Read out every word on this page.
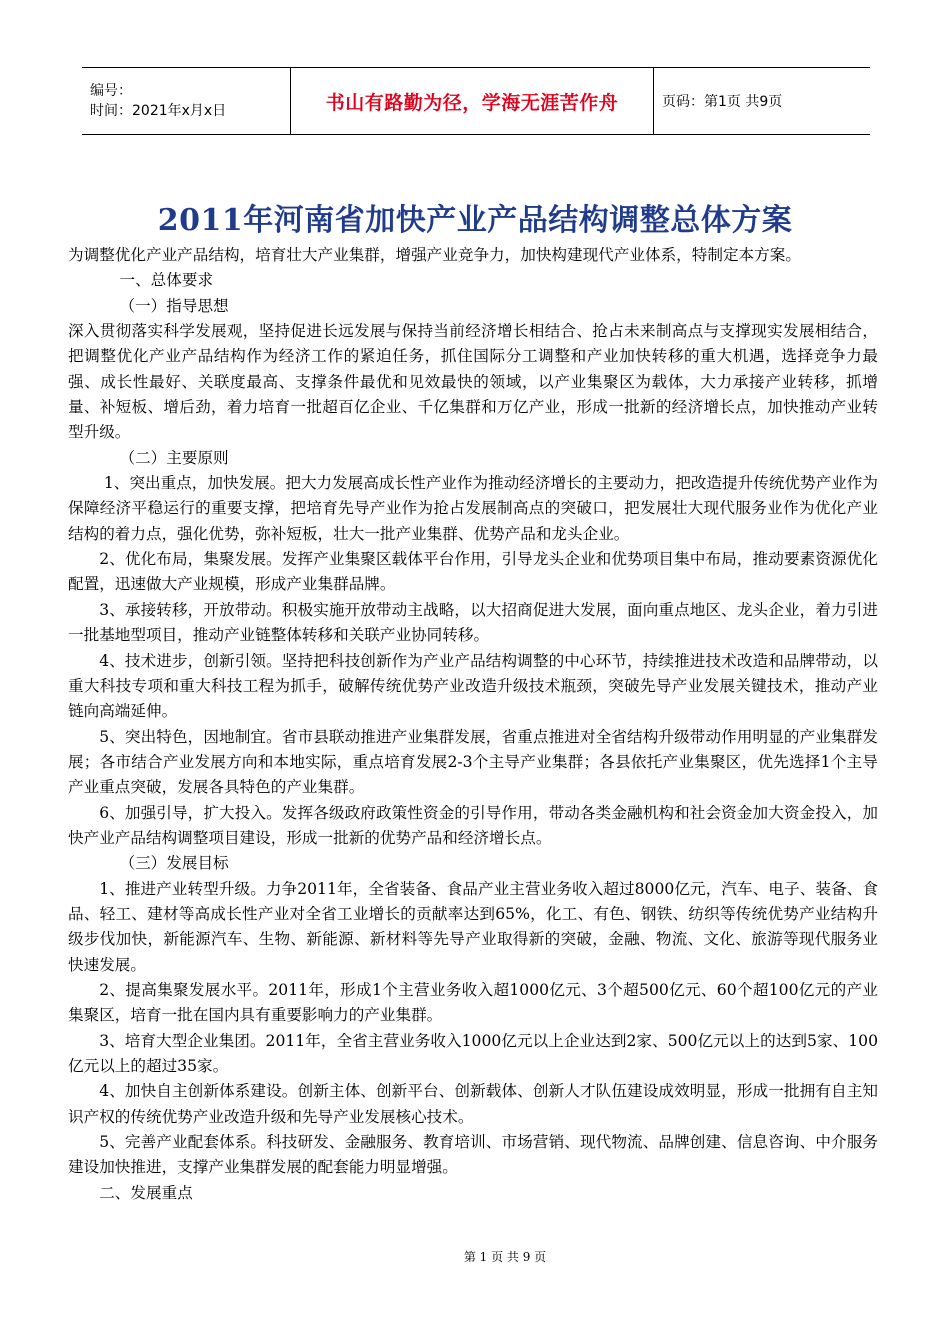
编号：
时间：2021年x月x日	书山有路勤为径，学海无涯苦作舟	页码：第1页 共9页
2011年河南省加快产业产品结构调整总体方案

为调整优化产业产品结构，培育壮大产业集群，增强产业竞争力，加快构建现代产业体系，特制定本方案。

一、总体要求

（一）指导思想

深入贯彻落实科学发展观，坚持促进长远发展与保持当前经济增长相结合、抢占未来制高点与支撑现实发展相结合，把调整优化产业产品结构作为经济工作的紧迫任务，抓住国际分工调整和产业加快转移的重大机遇，选择竞争力最强、成长性最好、关联度最高、支撑条件最优和见效最快的领域，以产业集聚区为载体，大力承接产业转移，抓增量、补短板、增后劲，着力培育一批超百亿企业、千亿集群和万亿产业，形成一批新的经济增长点，加快推动产业转型升级。

（二）主要原则

1、突出重点，加快发展。把大力发展高成长性产业作为推动经济增长的主要动力，把改造提升传统优势产业作为保障经济平稳运行的重要支撑，把培育先导产业作为抢占发展制高点的突破口，把发展壮大现代服务业作为优化产业结构的着力点，强化优势，弥补短板，壮大一批产业集群、优势产品和龙头企业。

2、优化布局，集聚发展。发挥产业集聚区载体平台作用，引导龙头企业和优势项目集中布局，推动要素资源优化配置，迅速做大产业规模，形成产业集群品牌。

3、承接转移，开放带动。积极实施开放带动主战略，以大招商促进大发展，面向重点地区、龙头企业，着力引进一批基地型项目，推动产业链整体转移和关联产业协同转移。

4、技术进步，创新引领。坚持把科技创新作为产业产品结构调整的中心环节，持续推进技术改造和品牌带动，以重大科技专项和重大科技工程为抓手，破解传统优势产业改造升级技术瓶颈，突破先导产业发展关键技术，推动产业链向高端延伸。

5、突出特色，因地制宜。省市县联动推进产业集群发展，省重点推进对全省结构升级带动作用明显的产业集群发展；各市结合产业发展方向和本地实际，重点培育发展2-3个主导产业集群；各县依托产业集聚区，优先选择1个主导产业重点突破，发展各具特色的产业集群。

6、加强引导，扩大投入。发挥各级政府政策性资金的引导作用，带动各类金融机构和社会资金加大资金投入，加快产业产品结构调整项目建设，形成一批新的优势产品和经济增长点。

（三）发展目标

1、推进产业转型升级。力争2011年，全省装备、食品产业主营业务收入超过8000亿元，汽车、电子、装备、食品、轻工、建材等高成长性产业对全省工业增长的贡献率达到65%，化工、有色、钢铁、纺织等传统优势产业结构升级步伐加快，新能源汽车、生物、新能源、新材料等先导产业取得新的突破，金融、物流、文化、旅游等现代服务业快速发展。

2、提高集聚发展水平。2011年，形成1个主营业务收入超1000亿元、3个超500亿元、60个超100亿元的产业集聚区，培育一批在国内具有重要影响力的产业集群。

3、培育大型企业集团。2011年，全省主营业务收入1000亿元以上企业达到2家、500亿元以上的达到5家、100亿元以上的超过35家。

4、加快自主创新体系建设。创新主体、创新平台、创新载体、创新人才队伍建设成效明显，形成一批拥有自主知识产权的传统优势产业改造升级和先导产业发展核心技术。

5、完善产业配套体系。科技研发、金融服务、教育培训、市场营销、现代物流、品牌创建、信息咨询、中介服务建设加快推进，支撑产业集群发展的配套能力明显增强。

二、发展重点

第 1 页 共 9 页
